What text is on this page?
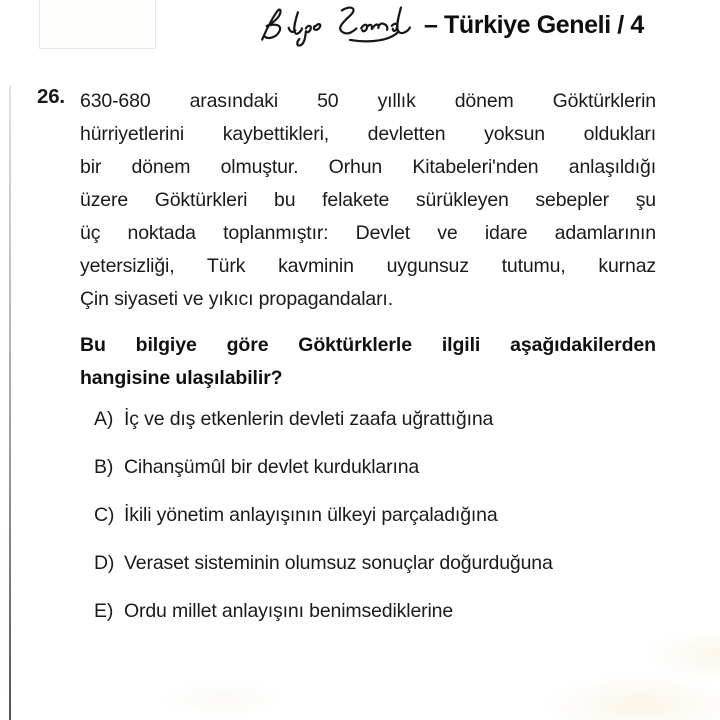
– Türkiye Geneli / 4
26. 630-680 arasındaki 50 yıllık dönem Göktürklerin
hürriyetlerini kaybettikleri, devletten yoksun oldukları
bir dönem olmuştur. Orhun Kitabeleri'nden anlaşıldığı
üzere Göktürkleri bu felakete sürükleyen sebepler şu
üç noktada toplanmıştır: Devlet ve idare adamlarının
yetersizliği, Türk kavminin uygunsuz tutumu, kurnaz
Çin siyaseti ve yıkıcı propagandaları.
Bu bilgiye göre Göktürklerle ilgili aşağıdakilerden
hangisine ulaşılabilir?
A) İç ve dış etkenlerin devleti zaafa uğrattığına
B) Cihanşümûl bir devlet kurduklarına
C) İkili yönetim anlayışının ülkeyi parçaladığına
D) Veraset sisteminin olumsuz sonuçlar doğurduğuna
E) Ordu millet anlayışını benimsediklerine
